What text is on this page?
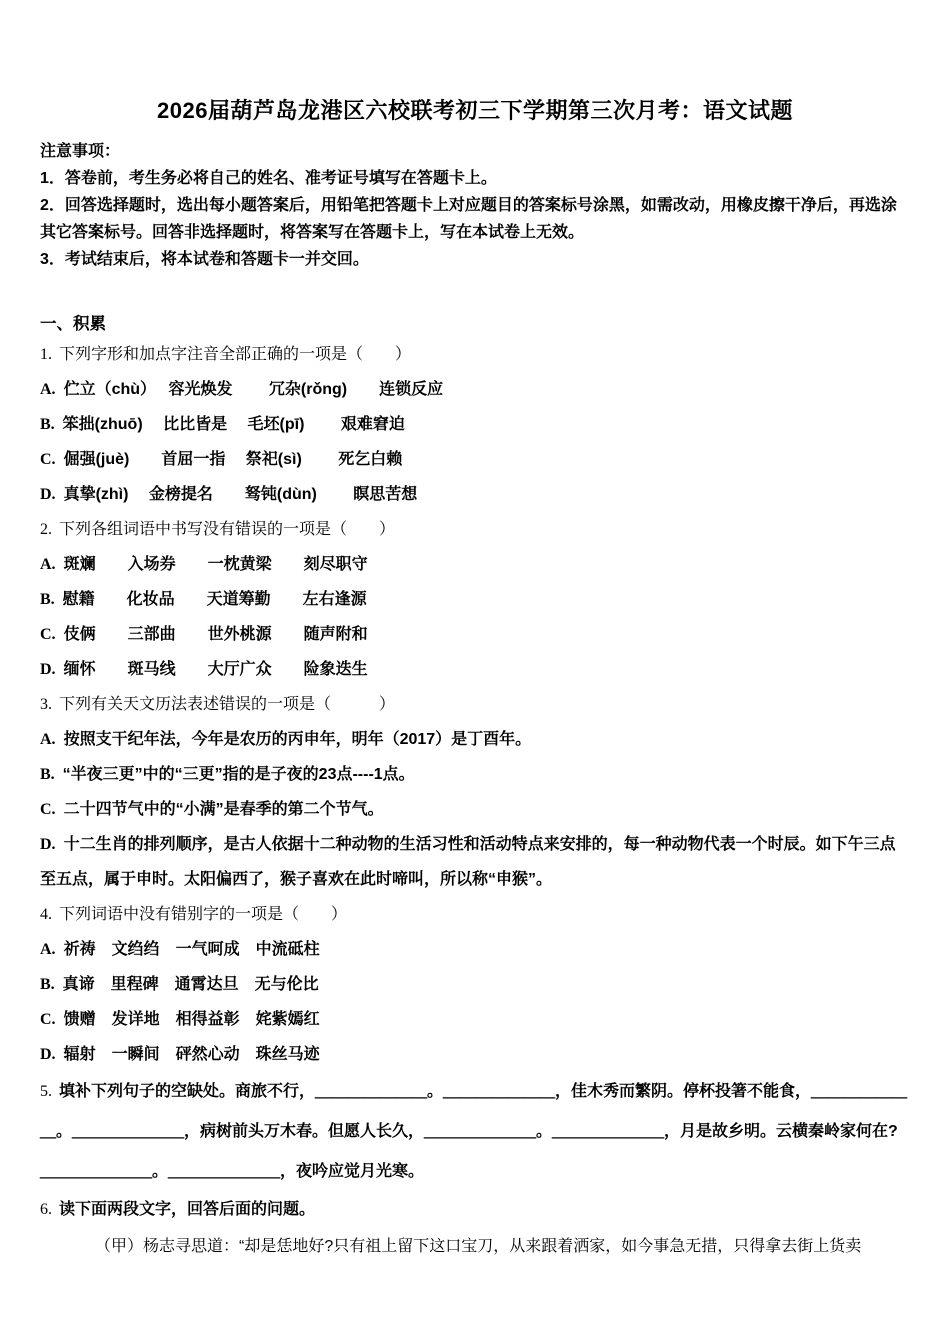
2026届葫芦岛龙港区六校联考初三下学期第三次月考：语文试题
注意事项：
1．答卷前，考生务必将自己的姓名、准考证号填写在答题卡上。
2．回答选择题时，选出每小题答案后，用铅笔把答题卡上对应题目的答案标号涂黑，如需改动，用橡皮擦干净后，再选涂其它答案标号。回答非选择题时，将答案写在答题卡上，写在本试卷上无效。
3．考试结束后，将本试卷和答题卡一并交回。
一、积累
1. 下列字形和加点字注音全部正确的一项是（　　）
A. 伫立（chù）　 容光焕发　　 冗杂(rǒng)　　连锁反应
B. 笨拙(zhuō)　 比比皆是　 毛坯(pī)　　 艰难窘迫
C. 倔强(juè)　　首屈一指　 祭祀(sì)　　 死乞白赖
D. 真挚(zhì)　 金榜提名　　驽钝(dùn)　　 瞑思苦想
2. 下列各组词语中书写没有错误的一项是（　　）
A. 斑斓　　入场券　　一枕黄梁　　刻尽职守
B. 慰籍　　化妆品　　天道筹勤　　左右逢源
C. 伎俩　　三部曲　　世外桃源　　随声附和
D. 缅怀　　斑马线　　大厅广众　　险象迭生
3. 下列有关天文历法表述错误的一项是（　　　）
A. 按照支干纪年法，今年是农历的丙申年，明年（2017）是丁酉年。
B. “半夜三更”中的“三更”指的是子夜的23点----1点。
C. 二十四节气中的“小满”是春季的第二个节气。
D. 十二生肖的排列顺序，是古人依据十二种动物的生活习性和活动特点来安排的，每一种动物代表一个时辰。如下午三点至五点，属于申时。太阳偏西了，猴子喜欢在此时啼叫，所以称“申猴”。
4. 下列词语中没有错别字的一项是（　　）
A. 祈祷　文绉绉　一气呵成　中流砥柱
B. 真谛　里程碑　通霄达旦　无与伦比
C. 馈赠　发详地　相得益彰　姹紫嫣红
D. 辐射　一瞬间　砰然心动　珠丝马迹
5. 填补下列句子的空缺处。商旅不行，＿＿＿＿＿＿＿。＿＿＿＿＿＿＿，佳木秀而繁阴。停杯投箸不能食，＿＿＿＿＿＿＿。＿＿＿＿＿＿＿，病树前头万木春。但愿人长久，＿＿＿＿＿＿＿。＿＿＿＿＿＿＿，月是故乡明。云横秦岭家何在?＿＿＿＿＿＿＿。＿＿＿＿＿＿＿，夜吟应觉月光寒。
6. 读下面两段文字，回答后面的问题。
（甲）杨志寻思道：“却是恁地好?只有祖上留下这口宝刀，从来跟着洒家，如今事急无措，只得拿去街上货卖
